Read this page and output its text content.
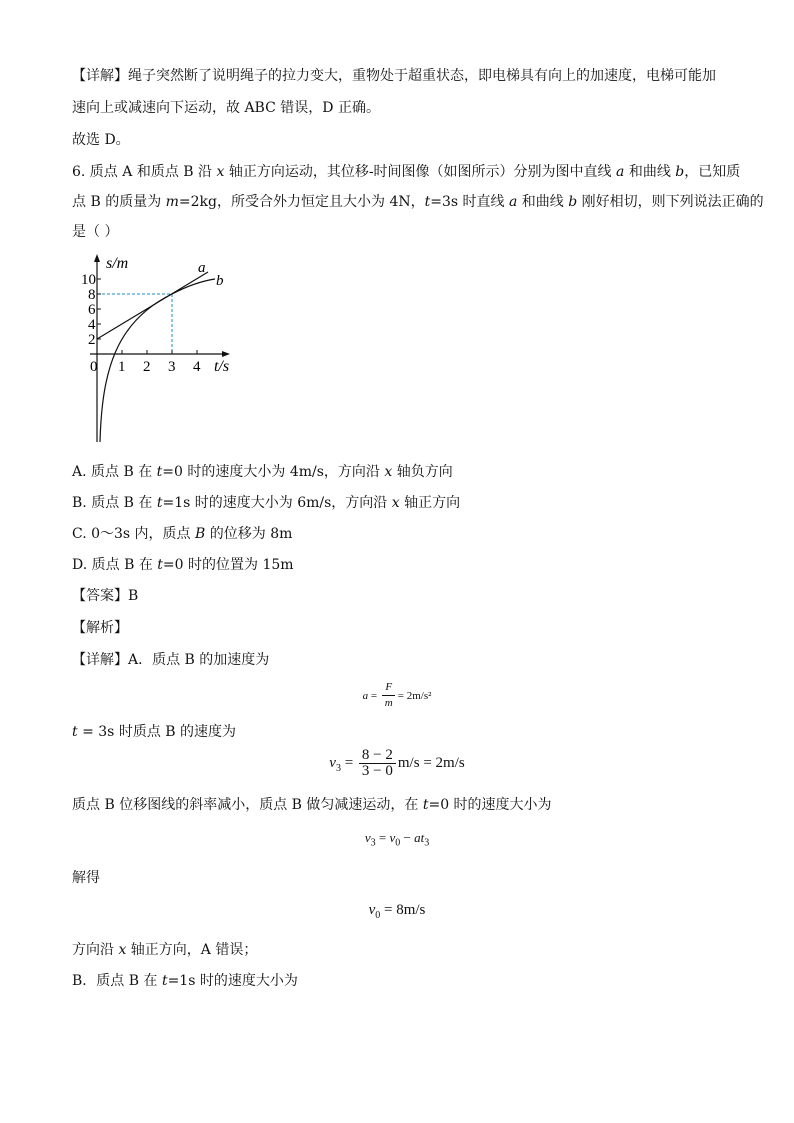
【详解】绳子突然断了说明绳子的拉力变大，重物处于超重状态，即电梯具有向上的加速度，电梯可能加
速向上或减速向下运动，故 ABC 错误，D 正确。
故选 D。
6. 质点 A 和质点 B 沿 x 轴正方向运动，其位移-时间图像（如图所示）分别为图中直线 a 和曲线 b，已知质
点 B 的质量为 m=2kg，所受合外力恒定且大小为 4N，t=3s 时直线 a 和曲线 b 刚好相切，则下列说法正确的
是（ ）
s/m	a
b
10
8
6
4
2
0 1 2 3 4 t/s
A. 质点 B 在 t=0 时的速度大小为 4m/s，方向沿 x 轴负方向
B. 质点 B 在 t=1s 时的速度大小为 6m/s，方向沿 x 轴正方向
C. 0～3s 内，质点 B 的位移为 8m
D. 质点 B 在 t=0 时的位置为 15m
【答案】B
【解析】
【详解】A．质点 B 的加速度为
$a = \frac{F}{m} = 2m/s^2$
t = 3s 时质点 B 的速度为
$v_3 = \frac{8 - 2}{3 - 0} m/s = 2m/s$
质点 B 位移图线的斜率减小，质点 B 做匀减速运动，在 t=0 时的速度大小为
$v_3 = v_0 - at_3$
解得
$v_0 = 8m/s$
方向沿 x 轴正方向，A 错误；
B．质点 B 在 t=1s 时的速度大小为
